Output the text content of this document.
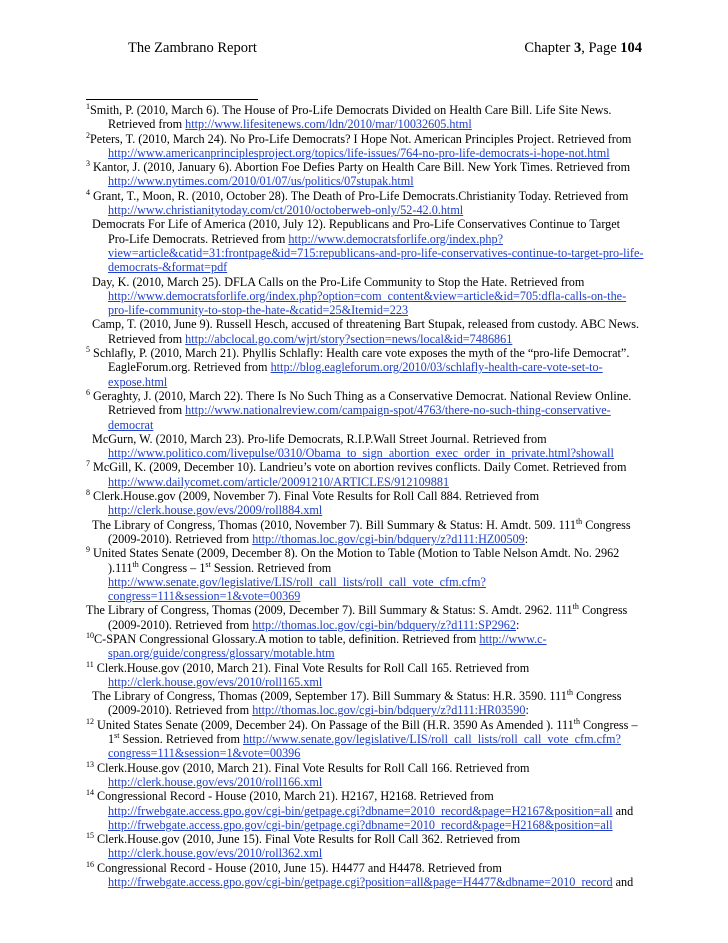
The Zambrano Report	Chapter 3, Page 104

$^1$Smith, P. (2010, March 6). The House of Pro-Life Democrats Divided on Health Care Bill. Life Site News. Retrieved from http://www.lifesitenews.com/ldn/2010/mar/10032605.html

$^2$Peters, T. (2010, March 24). No Pro-Life Democrats? I Hope Not. American Principles Project. Retrieved from http://www.americanprinciplesproject.org/topics/life-issues/764-no-pro-life-democrats-i-hope-not.html

$^3$ Kantor, J. (2010, January 6). Abortion Foe Defies Party on Health Care Bill. New York Times. Retrieved from http://www.nytimes.com/2010/01/07/us/politics/07stupak.html

$^4$ Grant, T., Moon, R. (2010, October 28). The Death of Pro-Life Democrats.Christianity Today. Retrieved from http://www.christianitytoday.com/ct/2010/octoberweb-only/52-42.0.html

Democrats For Life of America (2010, July 12). Republicans and Pro-Life Conservatives Continue to Target Pro-Life Democrats. Retrieved from http://www.democratsforlife.org/index.php?view=article&catid=31:frontpage&id=715:republicans-and-pro-life-conservatives-continue-to-target-pro-life-democrats-&format=pdf

Day, K. (2010, March 25). DFLA Calls on the Pro-Life Community to Stop the Hate. Retrieved from http://www.democratsforlife.org/index.php?option=com_content&view=article&id=705:dfla-calls-on-the-pro-life-community-to-stop-the-hate-&catid=25&Itemid=223

Camp, T. (2010, June 9). Russell Hesch, accused of threatening Bart Stupak, released from custody. ABC News. Retrieved from http://abclocal.go.com/wjrt/story?section=news/local&id=7486861

$^5$ Schlafly, P. (2010, March 21). Phyllis Schlafly: Health care vote exposes the myth of the “pro-life Democrat”. EagleForum.org. Retrieved from http://blog.eagleforum.org/2010/03/schlafly-health-care-vote-set-to-expose.html

$^6$ Geraghty, J. (2010, March 22). There Is No Such Thing as a Conservative Democrat. National Review Online. Retrieved from http://www.nationalreview.com/campaign-spot/4763/there-no-such-thing-conservative-democrat

McGurn, W. (2010, March 23). Pro-life Democrats, R.I.P.Wall Street Journal. Retrieved from http://www.politico.com/livepulse/0310/Obama_to_sign_abortion_exec_order_in_private.html?showall

$^7$ McGill, K. (2009, December 10). Landrieu’s vote on abortion revives conflicts. Daily Comet. Retrieved from http://www.dailycomet.com/article/20091210/ARTICLES/912109881

$^8$ Clerk.House.gov (2009, November 7). Final Vote Results for Roll Call 884. Retrieved from http://clerk.house.gov/evs/2009/roll884.xml

The Library of Congress, Thomas (2010, November 7). Bill Summary & Status: H. Amdt. 509. 111th Congress (2009-2010). Retrieved from http://thomas.loc.gov/cgi-bin/bdquery/z?d111:HZ00509:

$^9$ United States Senate (2009, December 8). On the Motion to Table (Motion to Table Nelson Amdt. No. 2962 ).111th Congress – 1st Session. Retrieved from http://www.senate.gov/legislative/LIS/roll_call_lists/roll_call_vote_cfm.cfm?congress=111&session=1&vote=00369

The Library of Congress, Thomas (2009, December 7). Bill Summary & Status: S. Amdt. 2962. 111th Congress (2009-2010). Retrieved from http://thomas.loc.gov/cgi-bin/bdquery/z?d111:SP2962:

$^{10}$C-SPAN Congressional Glossary.A motion to table, definition. Retrieved from http://www.c-span.org/guide/congress/glossary/motable.htm

$^{11}$ Clerk.House.gov (2010, March 21). Final Vote Results for Roll Call 165. Retrieved from http://clerk.house.gov/evs/2010/roll165.xml

The Library of Congress, Thomas (2009, September 17). Bill Summary & Status: H.R. 3590. 111th Congress (2009-2010). Retrieved from http://thomas.loc.gov/cgi-bin/bdquery/z?d111:HR03590:

$^{12}$ United States Senate (2009, December 24). On Passage of the Bill (H.R. 3590 As Amended ). 111th Congress – 1st Session. Retrieved from http://www.senate.gov/legislative/LIS/roll_call_lists/roll_call_vote_cfm.cfm?congress=111&session=1&vote=00396

$^{13}$ Clerk.House.gov (2010, March 21). Final Vote Results for Roll Call 166. Retrieved from http://clerk.house.gov/evs/2010/roll166.xml

$^{14}$ Congressional Record - House (2010, March 21). H2167, H2168. Retrieved from http://frwebgate.access.gpo.gov/cgi-bin/getpage.cgi?dbname=2010_record&page=H2167&position=all and http://frwebgate.access.gpo.gov/cgi-bin/getpage.cgi?dbname=2010_record&page=H2168&position=all

$^{15}$ Clerk.House.gov (2010, June 15). Final Vote Results for Roll Call 362. Retrieved from http://clerk.house.gov/evs/2010/roll362.xml

$^{16}$ Congressional Record - House (2010, June 15). H4477 and H4478. Retrieved from http://frwebgate.access.gpo.gov/cgi-bin/getpage.cgi?position=all&page=H4477&dbname=2010_record and
